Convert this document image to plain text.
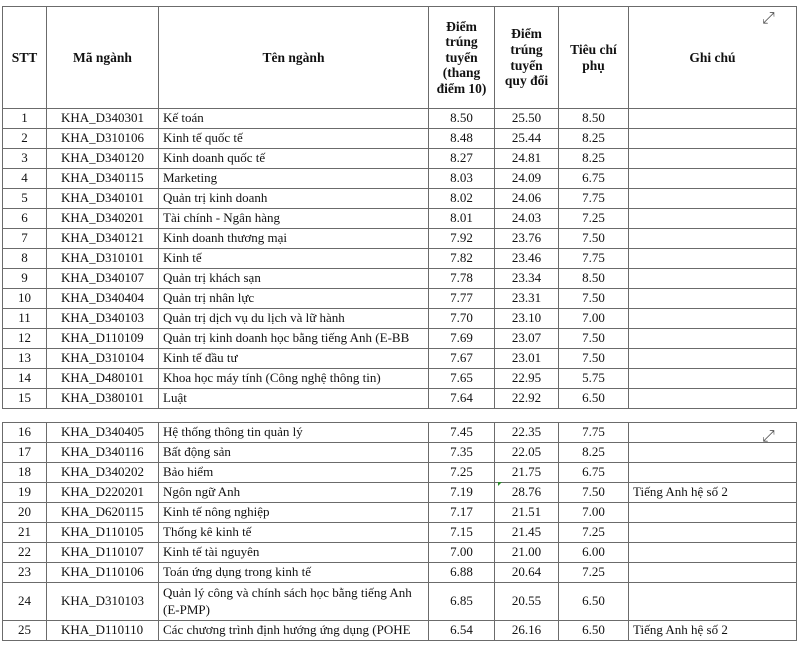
STT	Mã ngành	Tên ngành	Điểm trúng tuyển (thang điểm 10)	Điểm trúng tuyển quy đổi	Tiêu chí phụ	Ghi chú
1	KHA_D340301	Kế toán	8.50	25.50	8.50	
2	KHA_D310106	Kinh tế quốc tế	8.48	25.44	8.25	
3	KHA_D340120	Kinh doanh quốc tế	8.27	24.81	8.25	
4	KHA_D340115	Marketing	8.03	24.09	6.75	
5	KHA_D340101	Quản trị kinh doanh	8.02	24.06	7.75	
6	KHA_D340201	Tài chính - Ngân hàng	8.01	24.03	7.25	
7	KHA_D340121	Kinh doanh thương mại	7.92	23.76	7.50	
8	KHA_D310101	Kinh tế	7.82	23.46	7.75	
9	KHA_D340107	Quản trị khách sạn	7.78	23.34	8.50	
10	KHA_D340404	Quản trị nhân lực	7.77	23.31	7.50	
11	KHA_D340103	Quản trị dịch vụ du lịch và lữ hành	7.70	23.10	7.00	
12	KHA_D110109	Quản trị kinh doanh học bằng tiếng Anh (E-BB	7.69	23.07	7.50	
13	KHA_D310104	Kinh tế đầu tư	7.67	23.01	7.50	
14	KHA_D480101	Khoa học máy tính (Công nghệ thông tin)	7.65	22.95	5.75	
15	KHA_D380101	Luật	7.64	22.92	6.50	
16	KHA_D340405	Hệ thống thông tin quản lý	7.45	22.35	7.75	
17	KHA_D340116	Bất động sản	7.35	22.05	8.25	
18	KHA_D340202	Bảo hiểm	7.25	21.75	6.75	
19	KHA_D220201	Ngôn ngữ Anh	7.19	28.76	7.50	Tiếng Anh hệ số 2
20	KHA_D620115	Kinh tế nông nghiệp	7.17	21.51	7.00	
21	KHA_D110105	Thống kê kinh tế	7.15	21.45	7.25	
22	KHA_D110107	Kinh tế tài nguyên	7.00	21.00	6.00	
23	KHA_D110106	Toán ứng dụng trong kinh tế	6.88	20.64	7.25	
24	KHA_D310103	Quản lý công và chính sách học bằng tiếng Anh (E-PMP)	6.85	20.55	6.50	
25	KHA_D110110	Các chương trình định hướng ứng dụng (POHE	6.54	26.16	6.50	Tiếng Anh hệ số 2
⤢
⤢
